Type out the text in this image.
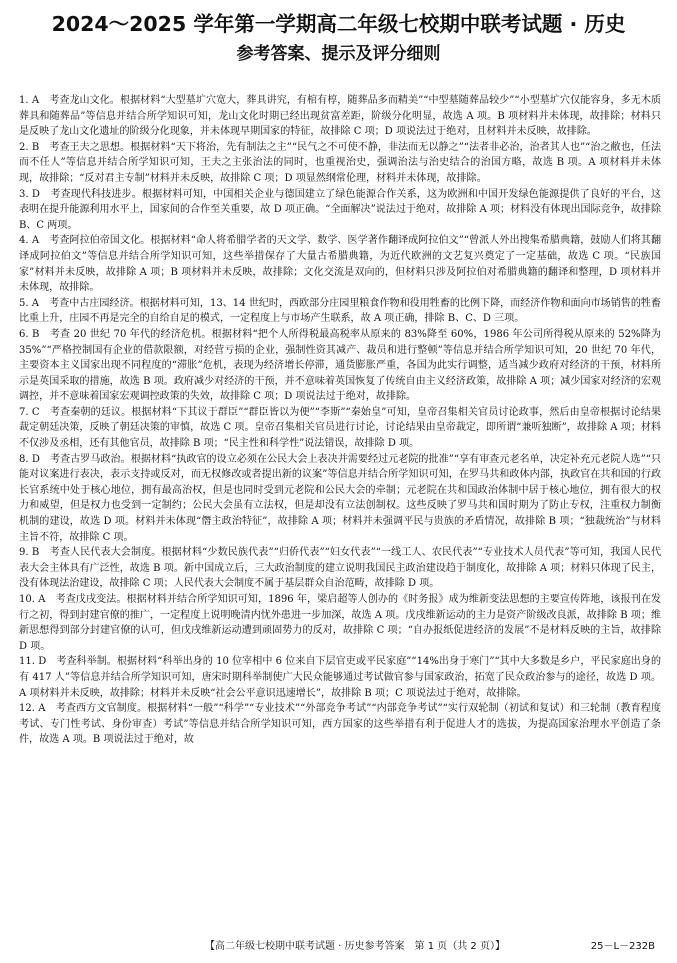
2024～2025 学年第一学期高二年级七校期中联考试题 · 历史
参考答案、提示及评分细则

1. A　考查龙山文化。根据材料“大型墓圹穴宽大，葬具讲究，有棺有椁，随葬品多而精美”“中型墓随葬品较少”“小型墓圹穴仅能容身，多无木质葬具和随葬品”等信息并结合所学知识可知，龙山文化时期已经出现贫富差距，阶级分化明显，故选 A 项。B 项材料并未体现，故排除；材料只是反映了龙山文化遗址的阶级分化现象，并未体现早期国家的特征，故排除 C 项；D 项说法过于绝对，且材料并未反映，故排除。

2. B　考查王夫之思想。根据材料“天下将治，先有制法之主”“民气之不可使不静，非法而无以静之”“法者非必治，治者其人也”“治之敝也，任法而不任人”等信息并结合所学知识可知，王夫之主张治法的同时，也重视治史，强调治法与治史结合的治国方略，故选 B 项。A 项材料并未体现，故排除；“反对君主专制”材料并未反映，故排除 C 项；D 项显然纲常伦理，材料并未体现，故排除。

3. D　考查现代科技进步。根据材料可知，中国相关企业与德国建立了绿色能源合作关系，这为欧洲和中国开发绿色能源提供了良好的平台，这表明在提升能源利用水平上，国家间的合作至关重要，故 D 项正确。“全面解决”说法过于绝对，故排除 A 项；材料没有体现出国际竞争，故排除 B、C 两项。

4. A　考查阿拉伯帝国文化。根据材料“命人将希腊学者的天文学、数学、医学著作翻译成阿拉伯文”“曾派人外出搜集希腊典籍，鼓励人们将其翻译成阿拉伯文”等信息并结合所学知识可知，这些举措保存了大量古希腊典籍，为近代欧洲的文艺复兴奠定了一定基础，故选 C 项。“民族国家”材料并未反映，故排除 A 项；B 项材料并未反映，故排除；文化交流是双向的，但材料只涉及阿拉伯对希腊典籍的翻译和整理，D 项材料并未体现，故排除。

5. A　考查中古庄园经济。根据材料可知，13、14 世纪时，西欧部分庄园里粮食作物和役用牲畜的比例下降，而经济作物和面向市场销售的牲畜比重上升，庄园不再是完全的自给自足的模式，一定程度上与市场产生联系，故 A 项正确，排除 B、C、D 三项。

6. B　考查 20 世纪 70 年代的经济危机。根据材料“把个人所得税最高税率从原来的 83%降至 60%，1986 年公司所得税从原来的 52%降为 35%”“严格控制国有企业的借款限额，对经营亏损的企业，强制性资其减产、裁员和进行整顿”等信息并结合所学知识可知，20 世纪 70 年代，主要资本主义国家出现不同程度的“滞胀”危机，表现为经济增长停滞，通货膨胀严重，各国为此实行调整，适当减少政府对经济的干预，材料所示是英国采取的措施，故选 B 项。政府减少对经济的干预，并不意味着英国恢复了传统自由主义经济政策，故排除 A 项；减少国家对经济的宏观调控，并不意味着国家宏观调控政策的失效，故排除 C 项；D 项说法过于绝对，故排除。

7. C　考查秦朝的廷议。根据材料“下其议于群臣”“群臣皆以为便”“李斯”“秦始皇”可知，皇帝召集相关官员讨论政事，然后由皇帝根据讨论结果裁定朝廷决策，反映了朝廷决策的审慎，故选 C 项。皇帝召集相关官员进行讨论，讨论结果由皇帝裁定，即所谓“兼听独断”，故排除 A 项；材料不仅涉及丞相，还有其他官员，故排除 B 项；“民主性和科学性”说法错误，故排除 D 项。

8. D　考查古罗马政治。根据材料“执政官的设立必须在公民大会上表决并需要经过元老院的批准”“享有审查元老名单，决定补充元老院人选”“只能对议案进行表决，表示支持或反对，而无权修改或者提出新的议案”等信息并结合所学知识可知，在罗马共和政体内部，执政官在共和国的行政长官系统中处于核心地位，拥有最高治权，但是也同时受到元老院和公民大会的牵制；元老院在共和国政治体制中居于核心地位，拥有很大的权力和威望，但是权力也受到一定制约；公民大会虽有立法权，但是却没有立法创制权。这些反映了罗马共和国时期为了防止专权，注重权力制衡机制的建设，故选 D 项。材料并未体现“僭主政治特征”，故排除 A 项；材料并未强调平民与贵族的矛盾情况，故排除 B 项；“独裁统治”与材料主旨不符，故排除 C 项。

9. B　考查人民代表大会制度。根据材料“少数民族代表”“归侨代表”“妇女代表”“一线工人、农民代表”“专业技术人员代表”等可知，我国人民代表大会主体具有广泛性，故选 B 项。新中国成立后，三大政治制度的建立说明我国民主政治建设趋于制度化，故排除 A 项；材料只体现了民主，没有体现法治建设，故排除 C 项；人民代表大会制度不属于基层群众自治范畴，故排除 D 项。

10. A　考查戊戌变法。根据材料并结合所学知识可知，1896 年，梁启超等人创办的《时务报》成为维新变法思想的主要宣传阵地，该报刊在发行之初，得到封建官僚的推广，一定程度上说明晚清内忧外患进一步加深，故选 A 项。戊戌维新运动的主力是资产阶级改良派，故排除 B 项；维新思想得到部分封建官僚的认可，但戊戌维新运动遭到顽固势力的反对，故排除 C 项；“自办报纸促进经济的发展”不是材料反映的主旨，故排除 D 项。

11. D　考查科举制。根据材料“科举出身的 10 位宰相中 6 位来自下层官吏或平民家庭”“14%出身于寒门”“其中大多数是乡户，平民家庭出身的有 417 人”等信息并结合所学知识可知，唐宋时期科举制使广大民众能够通过考试做官参与国家政治，拓宽了民众政治参与的途径，故选 D 项。A 项材料并未反映，故排除；材料并未反映“社会公平意识迅速增长”，故排除 B 项；C 项说法过于绝对，故排除。

12. A　考查西方文官制度。根据材料“一般”“科学”“专业技术”“外部竞争考试”“内部竞争考试”“实行双轮制（初试和复试）和三轮制（教育程度考试、专门性考试、身份审查）考试”等信息并结合所学知识可知，西方国家的这些举措有利于促进人才的选拔，为提高国家治理水平创造了条件，故选 A 项。B 项说法过于绝对，故

【高二年级七校期中联考试题 · 历史参考答案　第 1 页（共 2 页）】	25－L－232B
